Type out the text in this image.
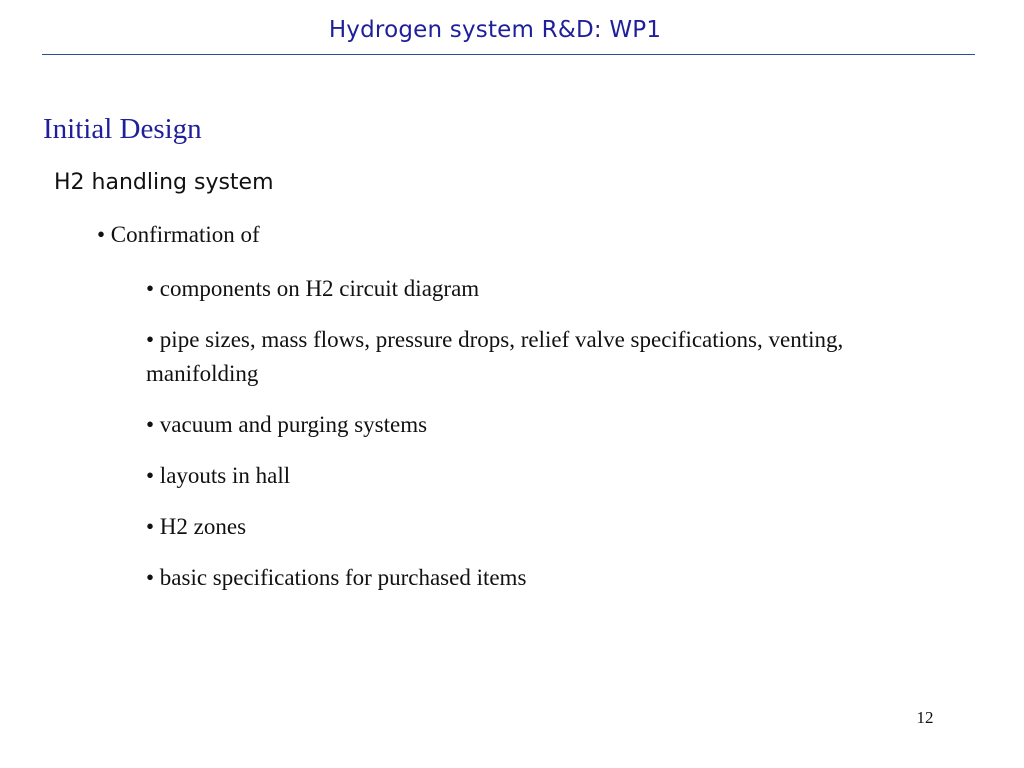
Hydrogen system R&D: WP1
Initial Design
H2 handling system
• Confirmation of
• components on H2 circuit diagram
• pipe sizes, mass flows, pressure drops, relief valve specifications, venting, manifolding
• vacuum and purging systems
• layouts in hall
• H2 zones
• basic specifications for purchased items
12
